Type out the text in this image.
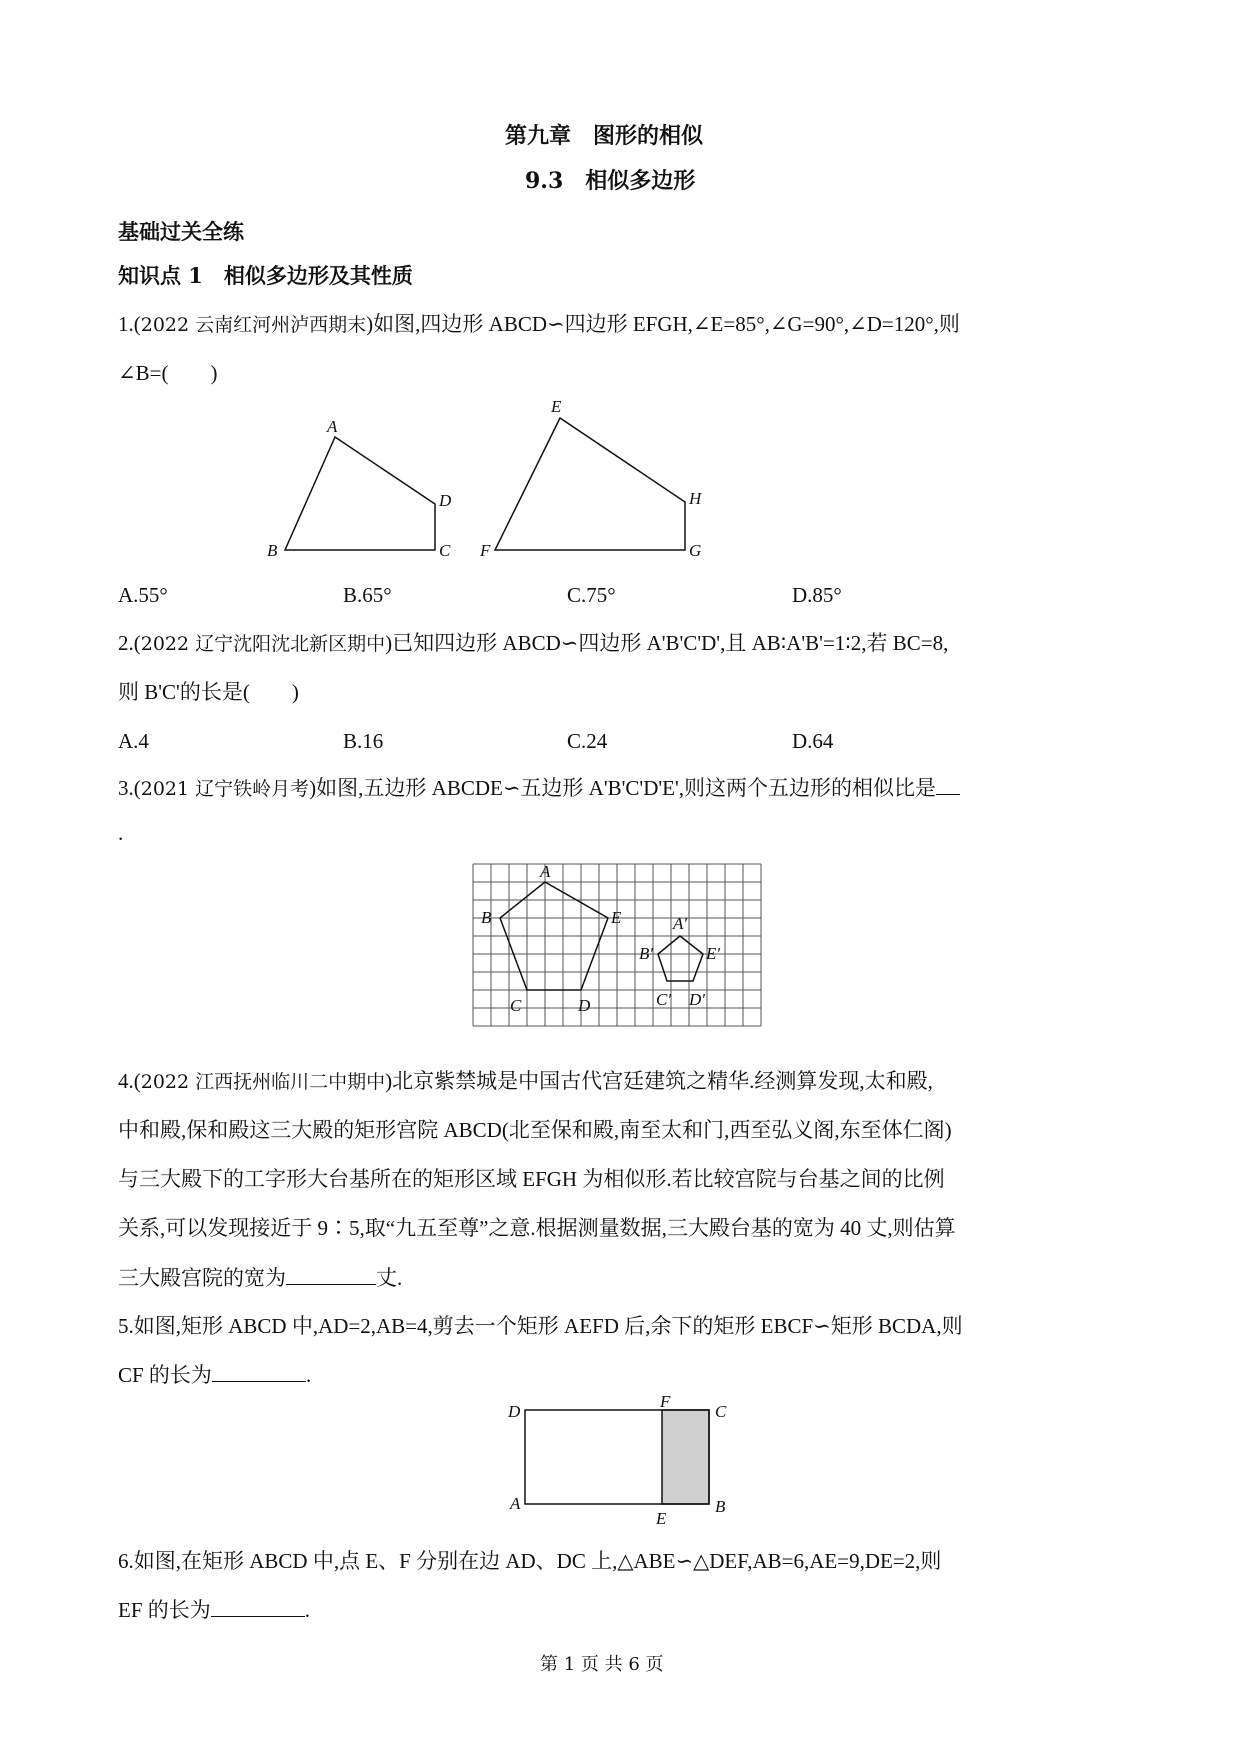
第九章　图形的相似
9.3　相似多边形
基础过关全练
知识点 1　相似多边形及其性质
1.(2022 云南红河州泸西期末)如图,四边形 ABCD∽四边形 EFGH,∠E=85°,∠G=90°,∠D=120°,则
∠B=(　　)
A
B	C
D
E
F	G
H
A.55°	B.65°	C.75°	D.85°
2.(2022 辽宁沈阳沈北新区期中)已知四边形 ABCD∽四边形 A'B'C'D',且 AB∶A'B'=1∶2,若 BC=8,
则 B'C'的长是(　　)
A.4	B.16	C.24	D.64
3.(2021 辽宁铁岭月考)如图,五边形 ABCDE∽五边形 A'B'C'D'E',则这两个五边形的相似比是
.
A
B
C	D
E	A′
B′
C′ D′
E′
4.(2022 江西抚州临川二中期中)北京紫禁城是中国古代宫廷建筑之精华.经测算发现,太和殿,
中和殿,保和殿这三大殿的矩形宫院 ABCD(北至保和殿,南至太和门,西至弘义阁,东至体仁阁)
与三大殿下的工字形大台基所在的矩形区域 EFGH 为相似形.若比较宫院与台基之间的比例
关系,可以发现接近于 9∶5,取“九五至尊”之意.根据测量数据,三大殿台基的宽为 40 丈,则估算
三大殿宫院的宽为	丈.
5.如图,矩形 ABCD 中,AD=2,AB=4,剪去一个矩形 AEFD 后,余下的矩形 EBCF∽矩形 BCDA,则
CF 的长为	.
D
F
C
A
E
B
6.如图,在矩形 ABCD 中,点 E、F 分别在边 AD、DC 上,△ABE∽△DEF,AB=6,AE=9,DE=2,则
EF 的长为	.
第 1 页 共 6 页
